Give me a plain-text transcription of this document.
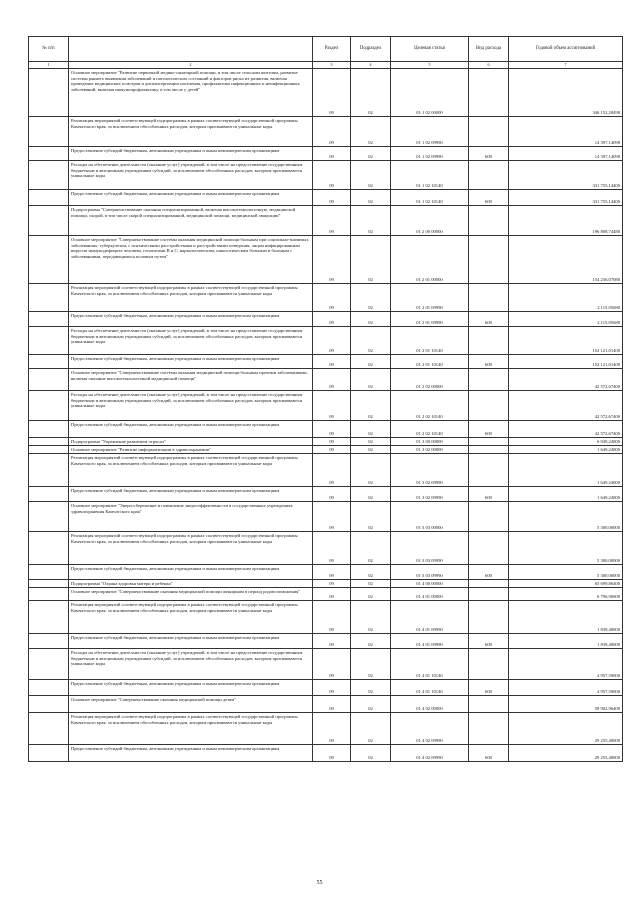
№ п/п		Раздел	Подраздел	Целевая статья	Вид расхода	Годовой объем ассигнований
1	2	3	4	5	6	7
	Основное мероприятие "Развитие первичной медико-санитарной помощи, в том числе сельским жителям, развитие системы раннего выявления заболеваний и патологических состояний и факторов риска их развития, включая проведение медицинских осмотров и диспансеризации населения, профилактика инфекционных и неинфекционных заболеваний, включая иммунопрофилактику, в том числе у детей"	09	02	01 1 02 00000		346 152,28498
	Реализация мероприятий соответствующей подпрограммы в рамках соответствующей государственной программы Камчатского края, за исключением обособленных расходов, которым присваиваются уникальные коды	09	02	01 1 02 09990		14 397,14098
	Предоставление субсидий бюджетным, автономным учреждениям и иным некоммерческим организациям	09	02	01 1 02 09990	600	14 397,14098
	Расходы на обеспечение деятельности (оказание услуг) учреждений, в том числе на предоставление государственным бюджетным и автономным учреждениям субсидий, за исключением обособленных расходов, которым присваиваются уникальные коды	09	02	01 1 02 10140		331 755,14400
	Предоставление субсидий бюджетным, автономным учреждениям и иным некоммерческим организациям	09	02	01 1 02 10140	600	331 755,14400
	Подпрограмма "Совершенствование оказания специализированной, включая высокотехнологичную, медицинской помощи, скорой, в том числе скорой специализированной, медицинской помощи, медицинской эвакуации"	09	02	01 2 00 00000		196 808,74480
	Основное мероприятие "Совершенствование системы оказания медицинской помощи больным при социально-значимых заболеваниях: туберкулезом, с психическими расстройствами и расстройствами поведения, лицам инфицированным вирусом иммунодефицита человека, гепатитами В и С, наркологическим, онкологическим больным и больным с заболеваниями, передающимися половым путем"	09	02	01 2 01 00000		154 236,07080
	Реализация мероприятий соответствующей подпрограммы в рамках соответствующей государственной программы Камчатского края, за исключением обособленных расходов, которым присваиваются уникальные коды	09	02	01 2 01 09990		2 115,05680
	Предоставление субсидий бюджетным, автономным учреждениям и иным некоммерческим организациям	09	02	01 2 01 09990	600	2 115,05680
	Расходы на обеспечение деятельности (оказание услуг) учреждений, в том числе на предоставление государственным бюджетным и автономным учреждениям субсидий, за исключением обособленных расходов, которым присваиваются уникальные коды	09	02	01 2 01 10140		152 121,01400
	Предоставление субсидий бюджетным, автономным учреждениям и иным некоммерческим организациям	09	02	01 2 01 10140	600	152 121,01400
	Основное мероприятие "Совершенствование системы оказания медицинской помощи больным прочими заболеваниями, включая оказание высокотехнологичной медицинской помощи"	09	02	01 2 02 00000		42 572,67400
	Расходы на обеспечение деятельности (оказание услуг) учреждений, в том числе на предоставление государственным бюджетным и автономным учреждениям субсидий, за исключением обособленных расходов, которым присваиваются уникальные коды	09	02	01 2 02 10140		42 572,67400
	Предоставление субсидий бюджетным, автономным учреждениям и иным некоммерческим организациям	09	02	01 2 02 10140	600	42 572,67400
	Подпрограмма "Управление развитием отрасли"	09	02	01 3 00 00000		6 949,24000
	Основное мероприятие "Развитие информатизации в здравоохранении"	09	02	01 3 02 00000		1 649,24000
	Реализация мероприятий соответствующей подпрограммы в рамках соответствующей государственной программы Камчатского края, за исключением обособленных расходов, которым присваиваются уникальные коды	09	02	01 3 02 09990		1 649,24000
	Предоставление субсидий бюджетным, автономным учреждениям и иным некоммерческим организациям	09	02	01 3 02 09990	600	1 649,24000
	Основное мероприятие "Энергосбережение и повышение энергоэффективности в государственных учреждениях здравоохранения Камчатского края"	09	02	01 3 03 00000		5 300,00000
	Реализация мероприятий соответствующей подпрограммы в рамках соответствующей государственной программы Камчатского края, за исключением обособленных расходов, которым присваиваются уникальные коды	09	02	01 3 03 09990		5 300,00000
	Предоставление субсидий бюджетным, автономным учреждениям и иным некоммерческим организациям	09	02	01 3 03 09990	600	5 300,00000
	Подпрограмма "Охрана здоровья матери и ребенка"	09	02	01 4 00 00000		65 699,86400
	Основное мероприятие "Совершенствование оказания медицинской помощи женщинам в период родовспоможения"	09	02	01 4 01 00000		6 796,90000
	Реализация мероприятий соответствующей подпрограммы в рамках соответствующей государственной программы Камчатского края, за исключением обособленных расходов, которым присваиваются уникальные коды	09	02	01 4 01 09990		1 839,40000
	Предоставление субсидий бюджетным, автономным учреждениям и иным некоммерческим организациям	09	02	01 4 01 09990	600	1 839,40000
	Расходы на обеспечение деятельности (оказание услуг) учреждений, в том числе на предоставление государственным бюджетным и автономным учреждениям субсидий, за исключением обособленных расходов, которым присваиваются уникальные коды	09	02	01 4 01 10140		4 957,50000
	Предоставление субсидий бюджетным, автономным учреждениям и иным некоммерческим организациям	09	02	01 4 01 10140	600	4 957,50000
	Основное мероприятие "Совершенствование оказания медицинской помощи детям"	09	02	01 4 02 00000		58 902,96400
	Реализация мероприятий соответствующей подпрограммы в рамках соответствующей государственной программы Камчатского края, за исключением обособленных расходов, которым присваиваются уникальные коды	09	02	01 4 02 09990		29 255,40000
	Предоставление субсидий бюджетным, автономным учреждениям и иным некоммерческим организациям	09	02	01 4 02 09990	600	29 255,40000
55
